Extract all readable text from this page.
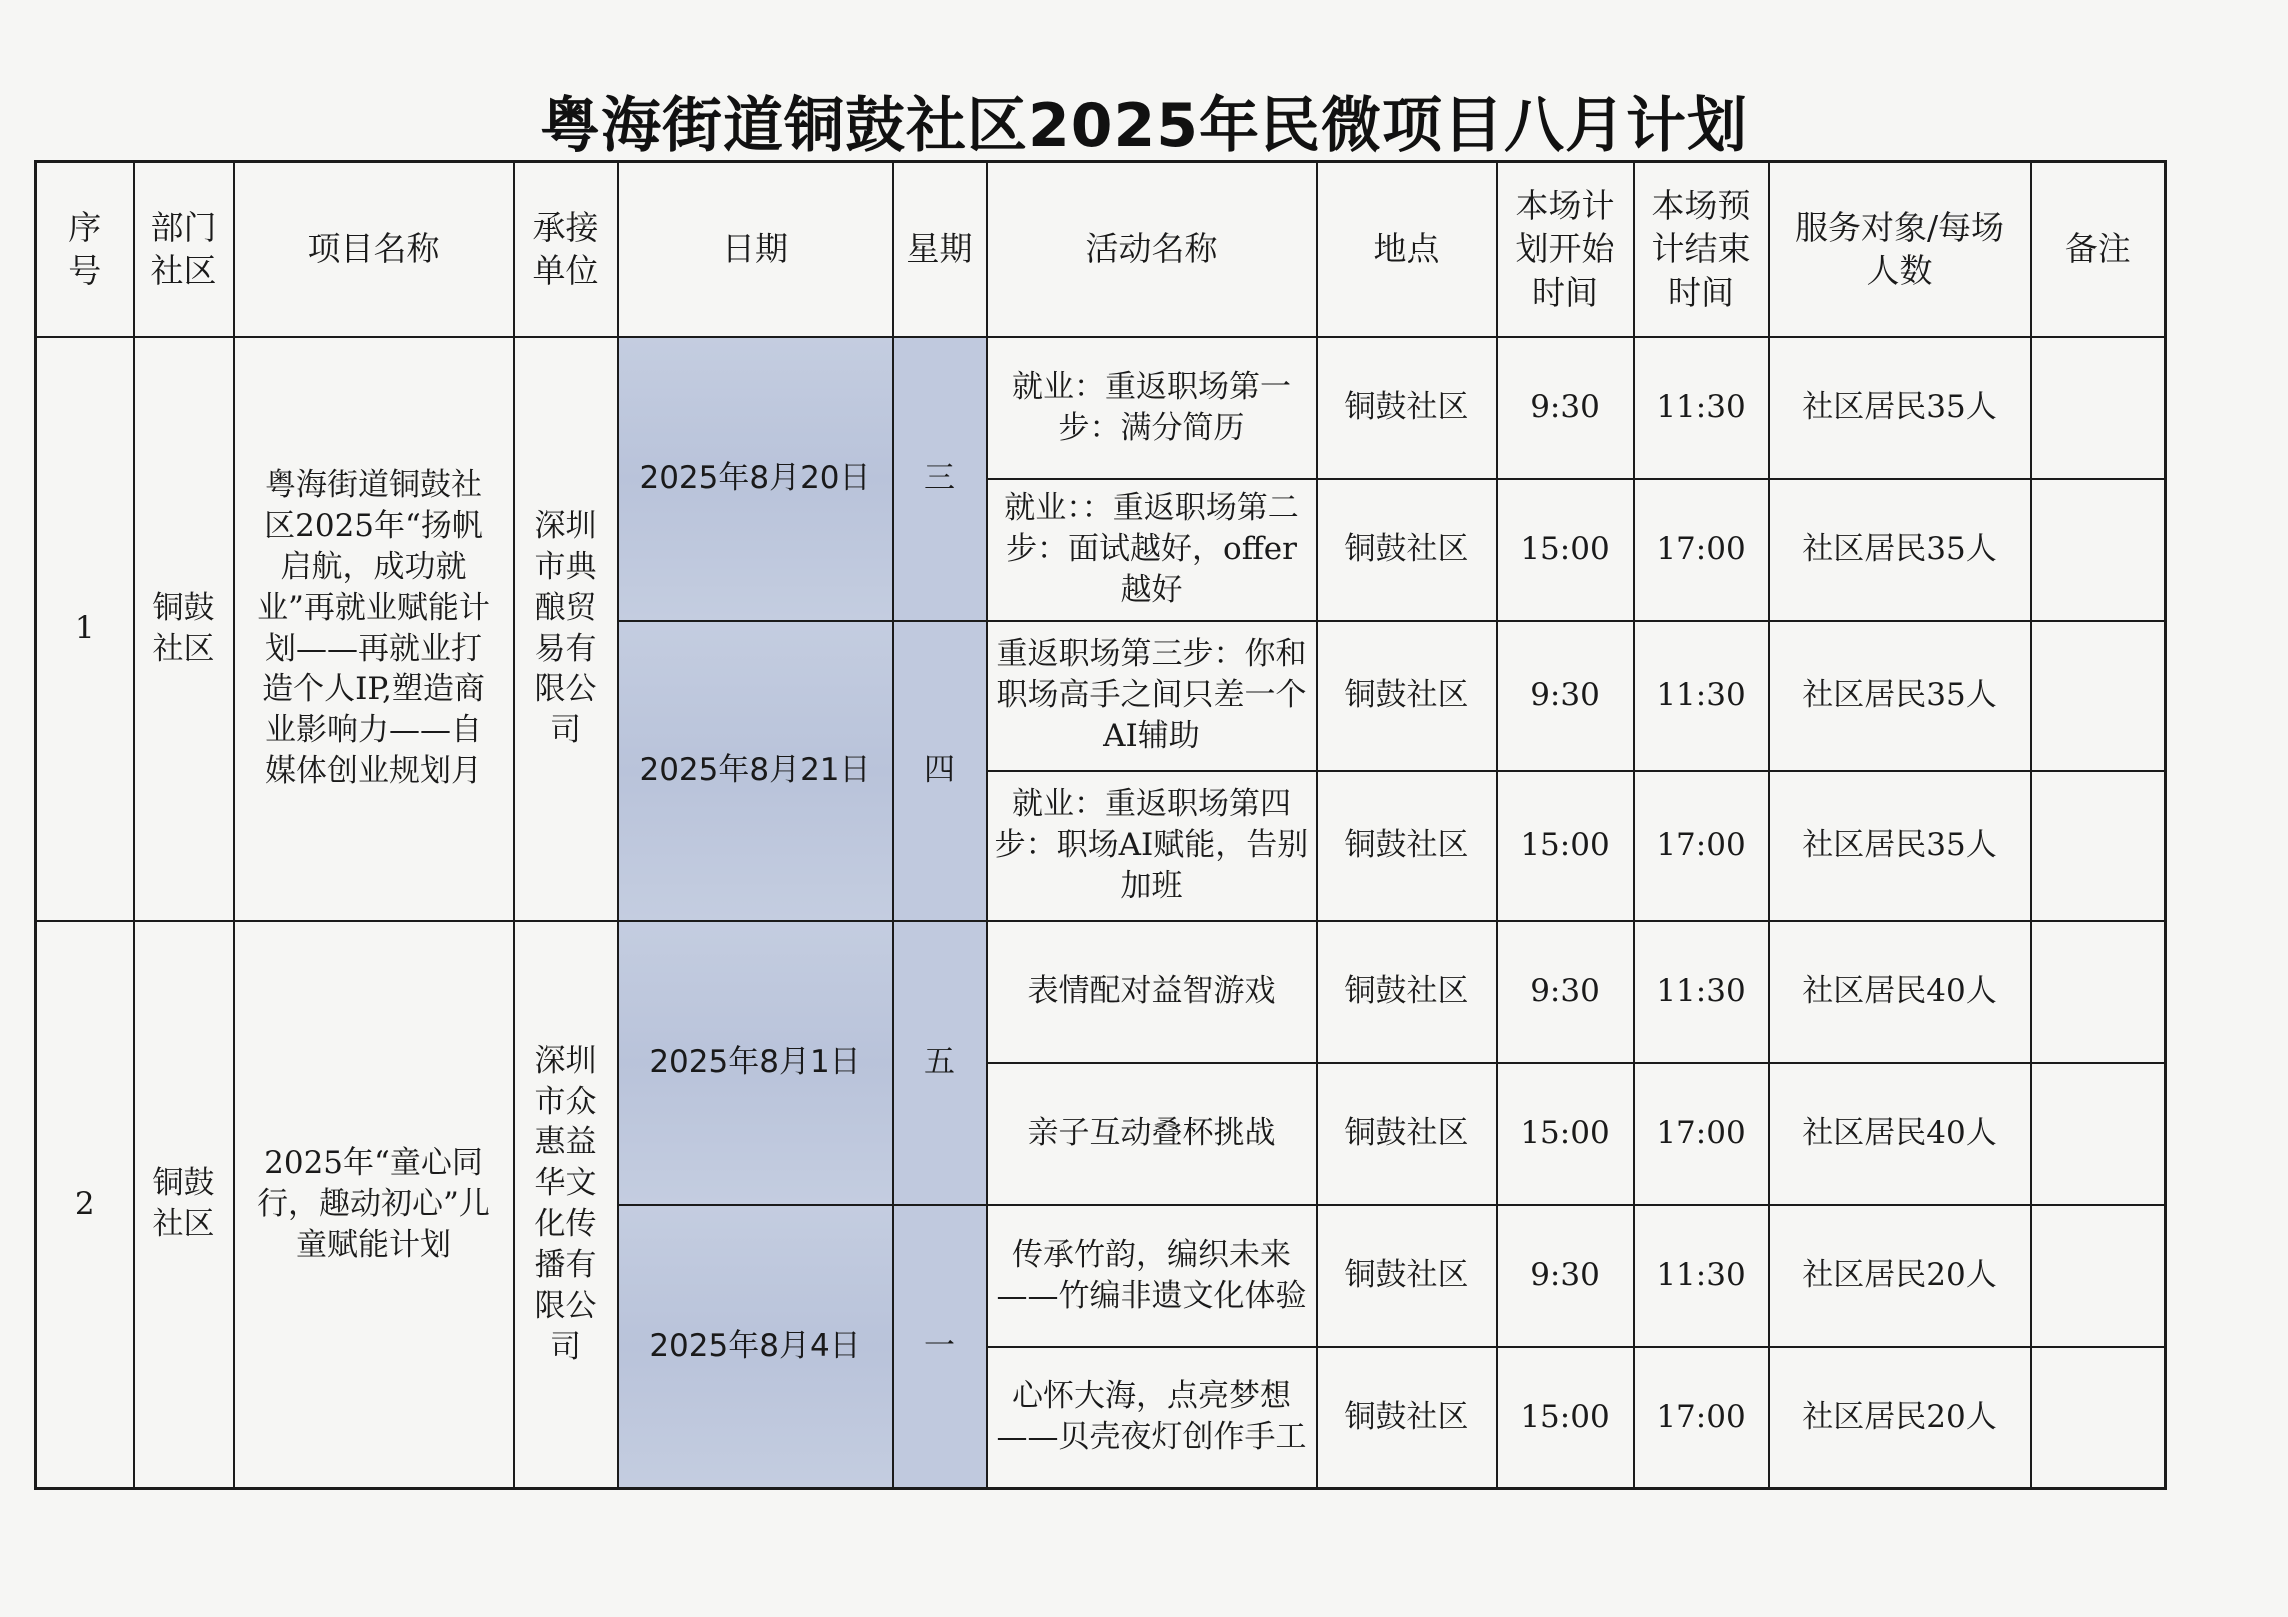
粤海街道铜鼓社区2025年民微项目八月计划
序号	部门社区	项目名称	承接单位	日期	星期	活动名称	地点	本场计划开始时间	本场预计结束时间	服务对象/每场人数	备注
1	铜鼓社区	粤海街道铜鼓社区2025年“扬帆启航，成功就业”再就业赋能计划——再就业打造个人IP,塑造商业影响力——自媒体创业规划月	深圳市典酿贸易有限公司	2025年8月20日	三	就业：重返职场第一步：满分简历	铜鼓社区	9:30	11:30	社区居民35人	
						就业：：重返职场第二步：面试越好，offer越好	铜鼓社区	15:00	17:00	社区居民35人	
				2025年8月21日	四	重返职场第三步：你和职场高手之间只差一个AI辅助	铜鼓社区	9:30	11:30	社区居民35人	
						就业：重返职场第四步：职场AI赋能，告别加班	铜鼓社区	15:00	17:00	社区居民35人	
2	铜鼓社区	2025年“童心同行，趣动初心”儿童赋能计划	深圳市众惠益华文化传播有限公司	2025年8月1日	五	表情配对益智游戏	铜鼓社区	9:30	11:30	社区居民40人	
						亲子互动叠杯挑战	铜鼓社区	15:00	17:00	社区居民40人	
				2025年8月4日	一	传承竹韵，编织未来——竹编非遗文化体验	铜鼓社区	9:30	11:30	社区居民20人	
						心怀大海，点亮梦想——贝壳夜灯创作手工	铜鼓社区	15:00	17:00	社区居民20人	
